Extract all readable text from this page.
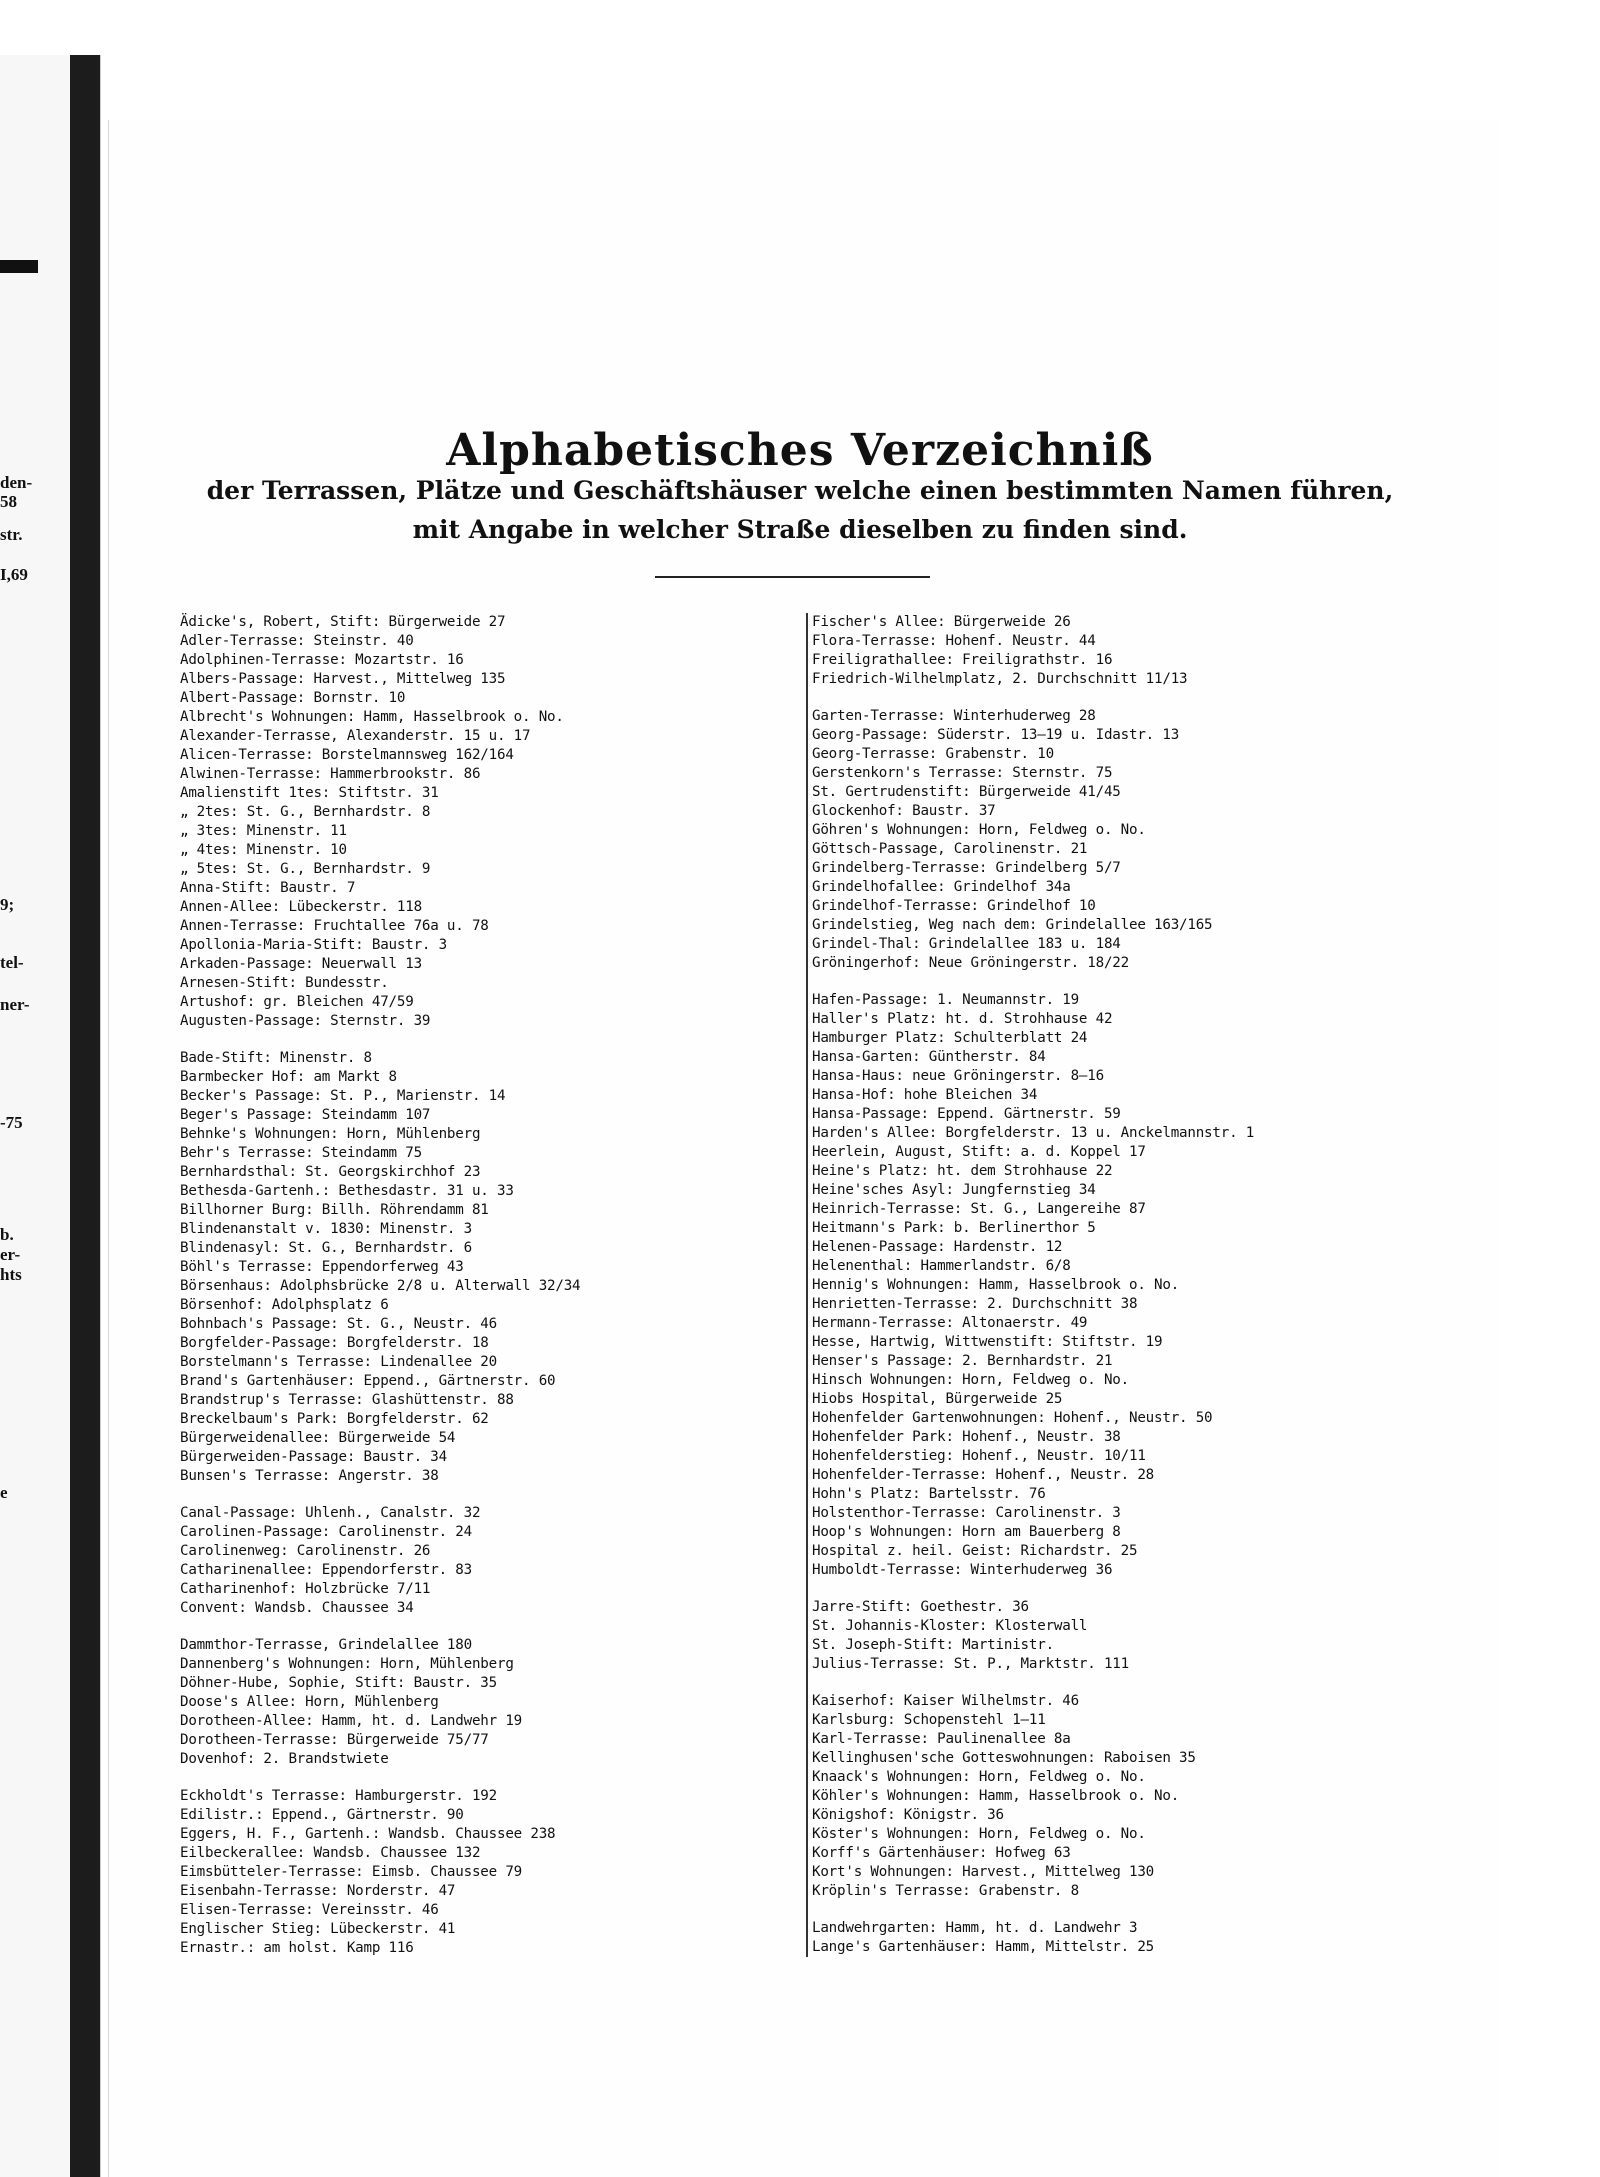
den-
58
str.
I,69
9;
tel-
ner-
-75
b.
er-
hts
e
Alphabetisches Verzeichniß

der Terrassen, Plätze und Geschäftshäuser welche einen bestimmten Namen führen,

mit Angabe in welcher Straße dieselben zu finden sind.

Ädicke's, Robert, Stift: Bürgerweide 27
Adler-Terrasse: Steinstr. 40
Adolphinen-Terrasse: Mozartstr. 16
Albers-Passage: Harvest., Mittelweg 135
Albert-Passage: Bornstr. 10
Albrecht's Wohnungen: Hamm, Hasselbrook o. No.
Alexander-Terrasse, Alexanderstr. 15 u. 17
Alicen-Terrasse: Borstelmannsweg 162/164
Alwinen-Terrasse: Hammerbrookstr. 86
Amalienstift 1tes: Stiftstr. 31
„ 2tes: St. G., Bernhardstr. 8
„ 3tes: Minenstr. 11
„ 4tes: Minenstr. 10
„ 5tes: St. G., Bernhardstr. 9
Anna-Stift: Baustr. 7
Annen-Allee: Lübeckerstr. 118
Annen-Terrasse: Fruchtallee 76a u. 78
Apollonia-Maria-Stift: Baustr. 3
Arkaden-Passage: Neuerwall 13
Arnesen-Stift: Bundesstr.
Artushof: gr. Bleichen 47/59
Augusten-Passage: Sternstr. 39
Bade-Stift: Minenstr. 8
Barmbecker Hof: am Markt 8
Becker's Passage: St. P., Marienstr. 14
Beger's Passage: Steindamm 107
Behnke's Wohnungen: Horn, Mühlenberg
Behr's Terrasse: Steindamm 75
Bernhardsthal: St. Georgskirchhof 23
Bethesda-Gartenh.: Bethesdastr. 31 u. 33
Billhorner Burg: Billh. Röhrendamm 81
Blindenanstalt v. 1830: Minenstr. 3
Blindenasyl: St. G., Bernhardstr. 6
Böhl's Terrasse: Eppendorferweg 43
Börsenhaus: Adolphsbrücke 2/8 u. Alterwall 32/34
Börsenhof: Adolphsplatz 6
Bohnbach's Passage: St. G., Neustr. 46
Borgfelder-Passage: Borgfelderstr. 18
Borstelmann's Terrasse: Lindenallee 20
Brand's Gartenhäuser: Eppend., Gärtnerstr. 60
Brandstrup's Terrasse: Glashüttenstr. 88
Breckelbaum's Park: Borgfelderstr. 62
Bürgerweidenallee: Bürgerweide 54
Bürgerweiden-Passage: Baustr. 34
Bunsen's Terrasse: Angerstr. 38
Canal-Passage: Uhlenh., Canalstr. 32
Carolinen-Passage: Carolinenstr. 24
Carolinenweg: Carolinenstr. 26
Catharinenallee: Eppendorferstr. 83
Catharinenhof: Holzbrücke 7/11
Convent: Wandsb. Chaussee 34
Dammthor-Terrasse, Grindelallee 180
Dannenberg's Wohnungen: Horn, Mühlenberg
Döhner-Hube, Sophie, Stift: Baustr. 35
Doose's Allee: Horn, Mühlenberg
Dorotheen-Allee: Hamm, ht. d. Landwehr 19
Dorotheen-Terrasse: Bürgerweide 75/77
Dovenhof: 2. Brandstwiete
Eckholdt's Terrasse: Hamburgerstr. 192
Edilistr.: Eppend., Gärtnerstr. 90
Eggers, H. F., Gartenh.: Wandsb. Chaussee 238
Eilbeckerallee: Wandsb. Chaussee 132
Eimsbütteler-Terrasse: Eimsb. Chaussee 79
Eisenbahn-Terrasse: Norderstr. 47
Elisen-Terrasse: Vereinsstr. 46
Englischer Stieg: Lübeckerstr. 41
Ernastr.: am holst. Kamp 116
Fischer's Allee: Bürgerweide 26
Flora-Terrasse: Hohenf. Neustr. 44
Freiligrathallee: Freiligrathstr. 16
Friedrich-Wilhelmplatz, 2. Durchschnitt 11/13
Garten-Terrasse: Winterhuderweg 28
Georg-Passage: Süderstr. 13—19 u. Idastr. 13
Georg-Terrasse: Grabenstr. 10
Gerstenkorn's Terrasse: Sternstr. 75
St. Gertrudenstift: Bürgerweide 41/45
Glockenhof: Baustr. 37
Göhren's Wohnungen: Horn, Feldweg o. No.
Göttsch-Passage, Carolinenstr. 21
Grindelberg-Terrasse: Grindelberg 5/7
Grindelhofallee: Grindelhof 34a
Grindelhof-Terrasse: Grindelhof 10
Grindelstieg, Weg nach dem: Grindelallee 163/165
Grindel-Thal: Grindelallee 183 u. 184
Gröningerhof: Neue Gröningerstr. 18/22
Hafen-Passage: 1. Neumannstr. 19
Haller's Platz: ht. d. Strohhause 42
Hamburger Platz: Schulterblatt 24
Hansa-Garten: Güntherstr. 84
Hansa-Haus: neue Gröningerstr. 8—16
Hansa-Hof: hohe Bleichen 34
Hansa-Passage: Eppend. Gärtnerstr. 59
Harden's Allee: Borgfelderstr. 13 u. Anckelmannstr. 1
Heerlein, August, Stift: a. d. Koppel 17
Heine's Platz: ht. dem Strohhause 22
Heine'sches Asyl: Jungfernstieg 34
Heinrich-Terrasse: St. G., Langereihe 87
Heitmann's Park: b. Berlinerthor 5
Helenen-Passage: Hardenstr. 12
Helenenthal: Hammerlandstr. 6/8
Hennig's Wohnungen: Hamm, Hasselbrook o. No.
Henrietten-Terrasse: 2. Durchschnitt 38
Hermann-Terrasse: Altonaerstr. 49
Hesse, Hartwig, Wittwenstift: Stiftstr. 19
Henser's Passage: 2. Bernhardstr. 21
Hinsch Wohnungen: Horn, Feldweg o. No.
Hiobs Hospital, Bürgerweide 25
Hohenfelder Gartenwohnungen: Hohenf., Neustr. 50
Hohenfelder Park: Hohenf., Neustr. 38
Hohenfelderstieg: Hohenf., Neustr. 10/11
Hohenfelder-Terrasse: Hohenf., Neustr. 28
Hohn's Platz: Bartelsstr. 76
Holstenthor-Terrasse: Carolinenstr. 3
Hoop's Wohnungen: Horn am Bauerberg 8
Hospital z. heil. Geist: Richardstr. 25
Humboldt-Terrasse: Winterhuderweg 36
Jarre-Stift: Goethestr. 36
St. Johannis-Kloster: Klosterwall
St. Joseph-Stift: Martinistr.
Julius-Terrasse: St. P., Marktstr. 111
Kaiserhof: Kaiser Wilhelmstr. 46
Karlsburg: Schopenstehl 1—11
Karl-Terrasse: Paulinenallee 8a
Kellinghusen'sche Gotteswohnungen: Raboisen 35
Knaack's Wohnungen: Horn, Feldweg o. No.
Köhler's Wohnungen: Hamm, Hasselbrook o. No.
Königshof: Königstr. 36
Köster's Wohnungen: Horn, Feldweg o. No.
Korff's Gärtenhäuser: Hofweg 63
Kort's Wohnungen: Harvest., Mittelweg 130
Kröplin's Terrasse: Grabenstr. 8
Landwehrgarten: Hamm, ht. d. Landwehr 3
Lange's Gartenhäuser: Hamm, Mittelstr. 25
